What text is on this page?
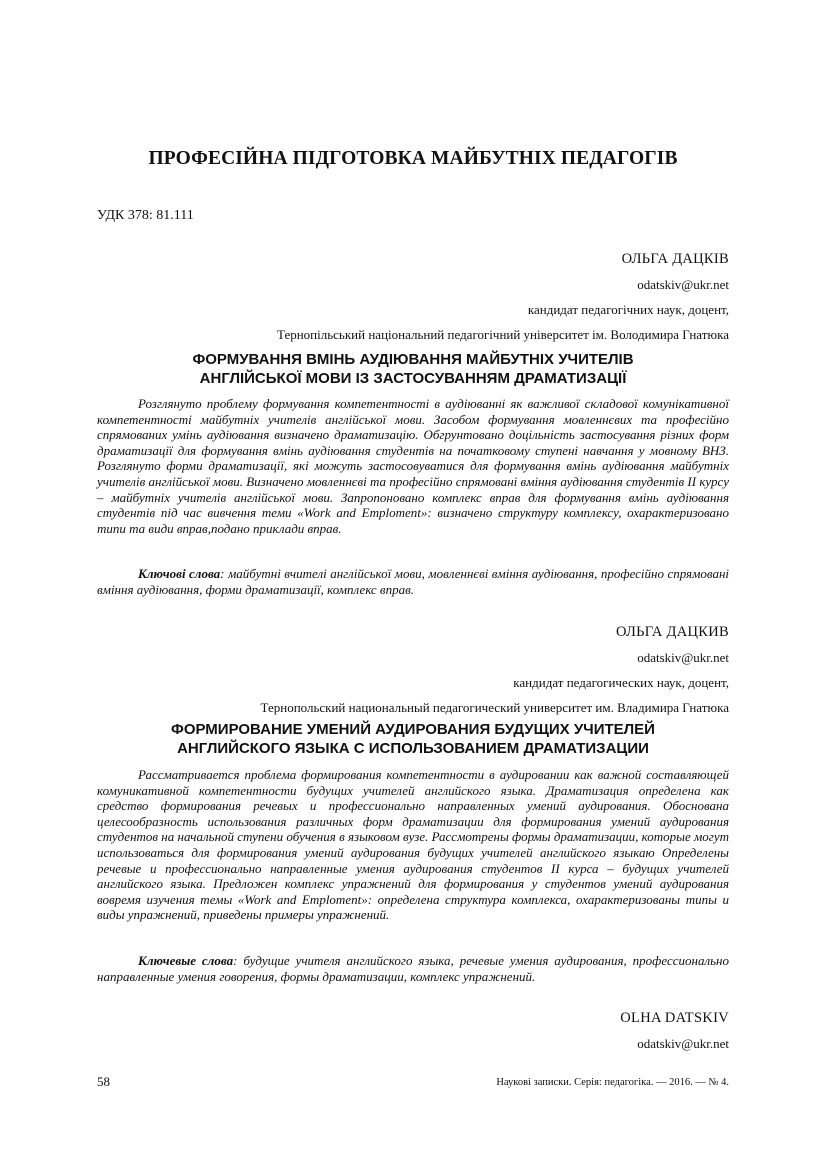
ПРОФЕСІЙНА ПІДГОТОВКА МАЙБУТНІХ ПЕДАГОГІВ
УДК 378: 81.111
ОЛЬГА ДАЦКІВ
odatskiv@ukr.net
кандидат педагогічних наук, доцент,
Тернопільський національний педагогічний університет ім. Володимира Гнатюка
ФОРМУВАННЯ ВМІНЬ АУДІЮВАННЯ МАЙБУТНІХ УЧИТЕЛІВ
АНГЛІЙСЬКОЇ МОВИ ІЗ ЗАСТОСУВАННЯМ ДРАМАТИЗАЦІЇ

Розглянуто проблему формування компетентності в аудіюванні як важливої складової комунікативної компетентності майбутніх учителів англійської мови. Засобом формування мовленнєвих та професійно спрямованих умінь аудіювання визначено драматизацію. Обгрунтовано доцільність застосування різних форм драматизації для формування вмінь аудіювання студентів на початковому ступені навчання у мовному ВНЗ. Розглянуто форми драматизації, які можуть застосовуватися для формування вмінь аудіювання майбутніх учителів англійської мови. Визначено мовленнєві та професійно спрямовані вміння аудіювання студентів ІІ курсу – майбутніх учителів англійської мови. Запропоновано комплекс вправ для формування вмінь аудіювання студентів під час вивчення теми «Work and Emploment»: визначено структуру комплексу, охарактеризовано типи та види вправ,подано приклади вправ.

Ключові слова: майбутні вчителі англійської мови, мовленнєві вміння аудіювання, професійно спрямовані вміння аудіювання, форми драматизації, комплекс вправ.

ОЛЬГА ДАЦКИВ
odatskiv@ukr.net
кандидат педагогических наук, доцент,
Тернопольский национальный педагогический университет им. Владимира Гнатюка
ФОРМИРОВАНИЕ УМЕНИЙ АУДИРОВАНИЯ БУДУЩИХ УЧИТЕЛЕЙ
АНГЛИЙСКОГО ЯЗЫКА С ИСПОЛЬЗОВАНИЕМ ДРАМАТИЗАЦИИ

Рассматривается проблема формирования компетентности в аудировании как важной составляющей комуникативной компетентности будущих учителей английского языка. Драматизация определена как средство формирования речевых и профессионально направленных умений аудирования. Обоснована целесообразность использования различных форм драматизации для формирования умений аудирования студентов на начальной ступени обучения в языковом вузе. Рассмотрены формы драматизации, которые могут использоваться для формирования умений аудирования будущих учителей английского языкаю Определены речевые и профессионально направленные умения аудирования студентов II курса – будущих учителей английского языка. Предложен комплекс упражнений для формирования у студентов умений аудирования вовремя изучения темы «Work and Emploment»: определена структура комплекса, охарактеризованы типы и виды упражнений, приведены примеры упражнений.

Ключевые слова: будущие учителя английского языка, речевые умения аудирования, профессионально направленные умения говорения, формы драматизации, комплекс упражнений.

OLHA DATSKIV
odatskiv@ukr.net
58	Наукові записки. Серія: педагогіка. — 2016. — № 4.
